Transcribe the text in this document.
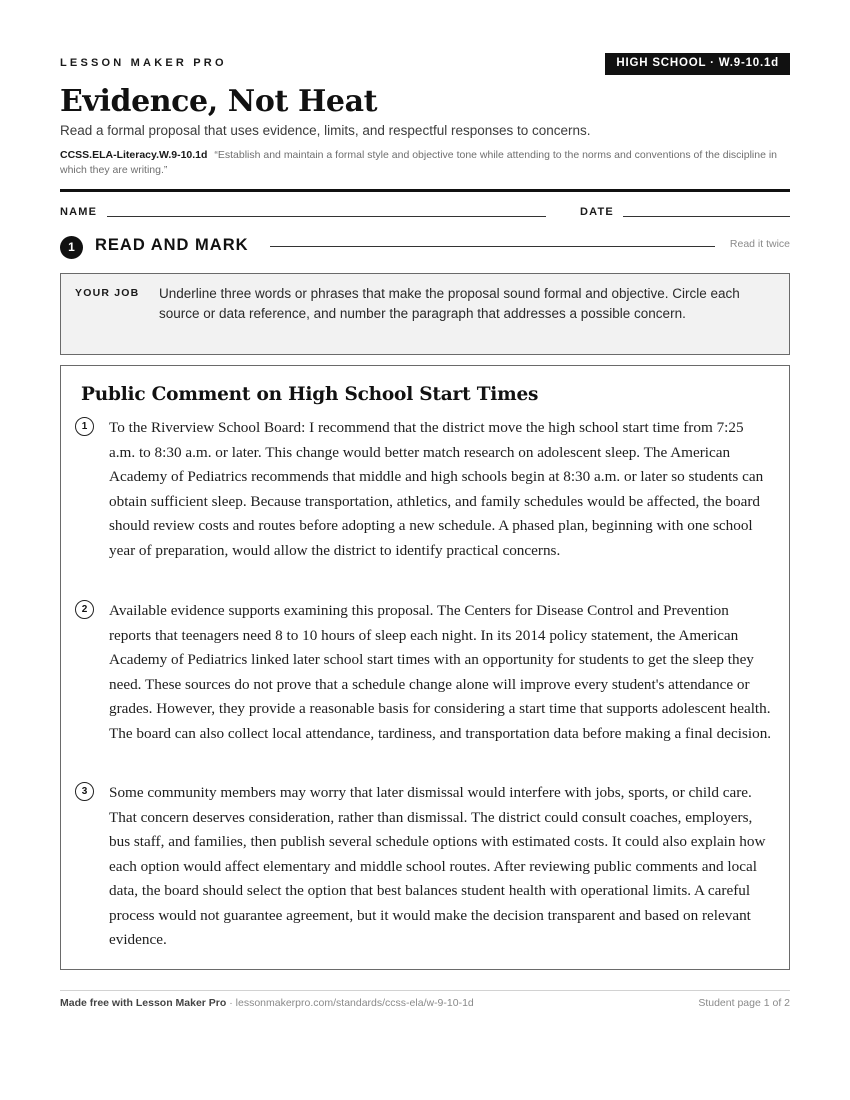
LESSON MAKER PRO	HIGH SCHOOL · W.9-10.1d
Evidence, Not Heat
Read a formal proposal that uses evidence, limits, and respectful responses to concerns.
CCSS.ELA-Literacy.W.9-10.1d “Establish and maintain a formal style and objective tone while attending to the norms and conventions of the discipline in which they are writing.”
NAME	DATE
1	READ AND MARK	Read it twice
YOUR JOB Underline three words or phrases that make the proposal sound formal and objective. Circle each source or data reference, and number the paragraph that addresses a possible concern.
Public Comment on High School Start Times
1	To the Riverview School Board: I recommend that the district move the high school start time from 7:25 a.m. to 8:30 a.m. or later. This change would better match research on adolescent sleep. The American Academy of Pediatrics recommends that middle and high schools begin at 8:30 a.m. or later so students can obtain sufficient sleep. Because transportation, athletics, and family schedules would be affected, the board should review costs and routes before adopting a new schedule. A phased plan, beginning with one school year of preparation, would allow the district to identify practical concerns.

2	Available evidence supports examining this proposal. The Centers for Disease Control and Prevention reports that teenagers need 8 to 10 hours of sleep each night. In its 2014 policy statement, the American Academy of Pediatrics linked later school start times with an opportunity for students to get the sleep they need. These sources do not prove that a schedule change alone will improve every student's attendance or grades. However, they provide a reasonable basis for considering a start time that supports adolescent health. The board can also collect local attendance, tardiness, and transportation data before making a final decision.

3	Some community members may worry that later dismissal would interfere with jobs, sports, or child care. That concern deserves consideration, rather than dismissal. The district could consult coaches, employers, bus staff, and families, then publish several schedule options with estimated costs. It could also explain how each option would affect elementary and middle school routes. After reviewing public comments and local data, the board should select the option that best balances student health with operational limits. A careful process would not guarantee agreement, but it would make the decision transparent and based on relevant evidence.

Made free with Lesson Maker Pro · lessonmakerpro.com/standards/ccss-ela/w-9-10-1d	Student page 1 of 2
